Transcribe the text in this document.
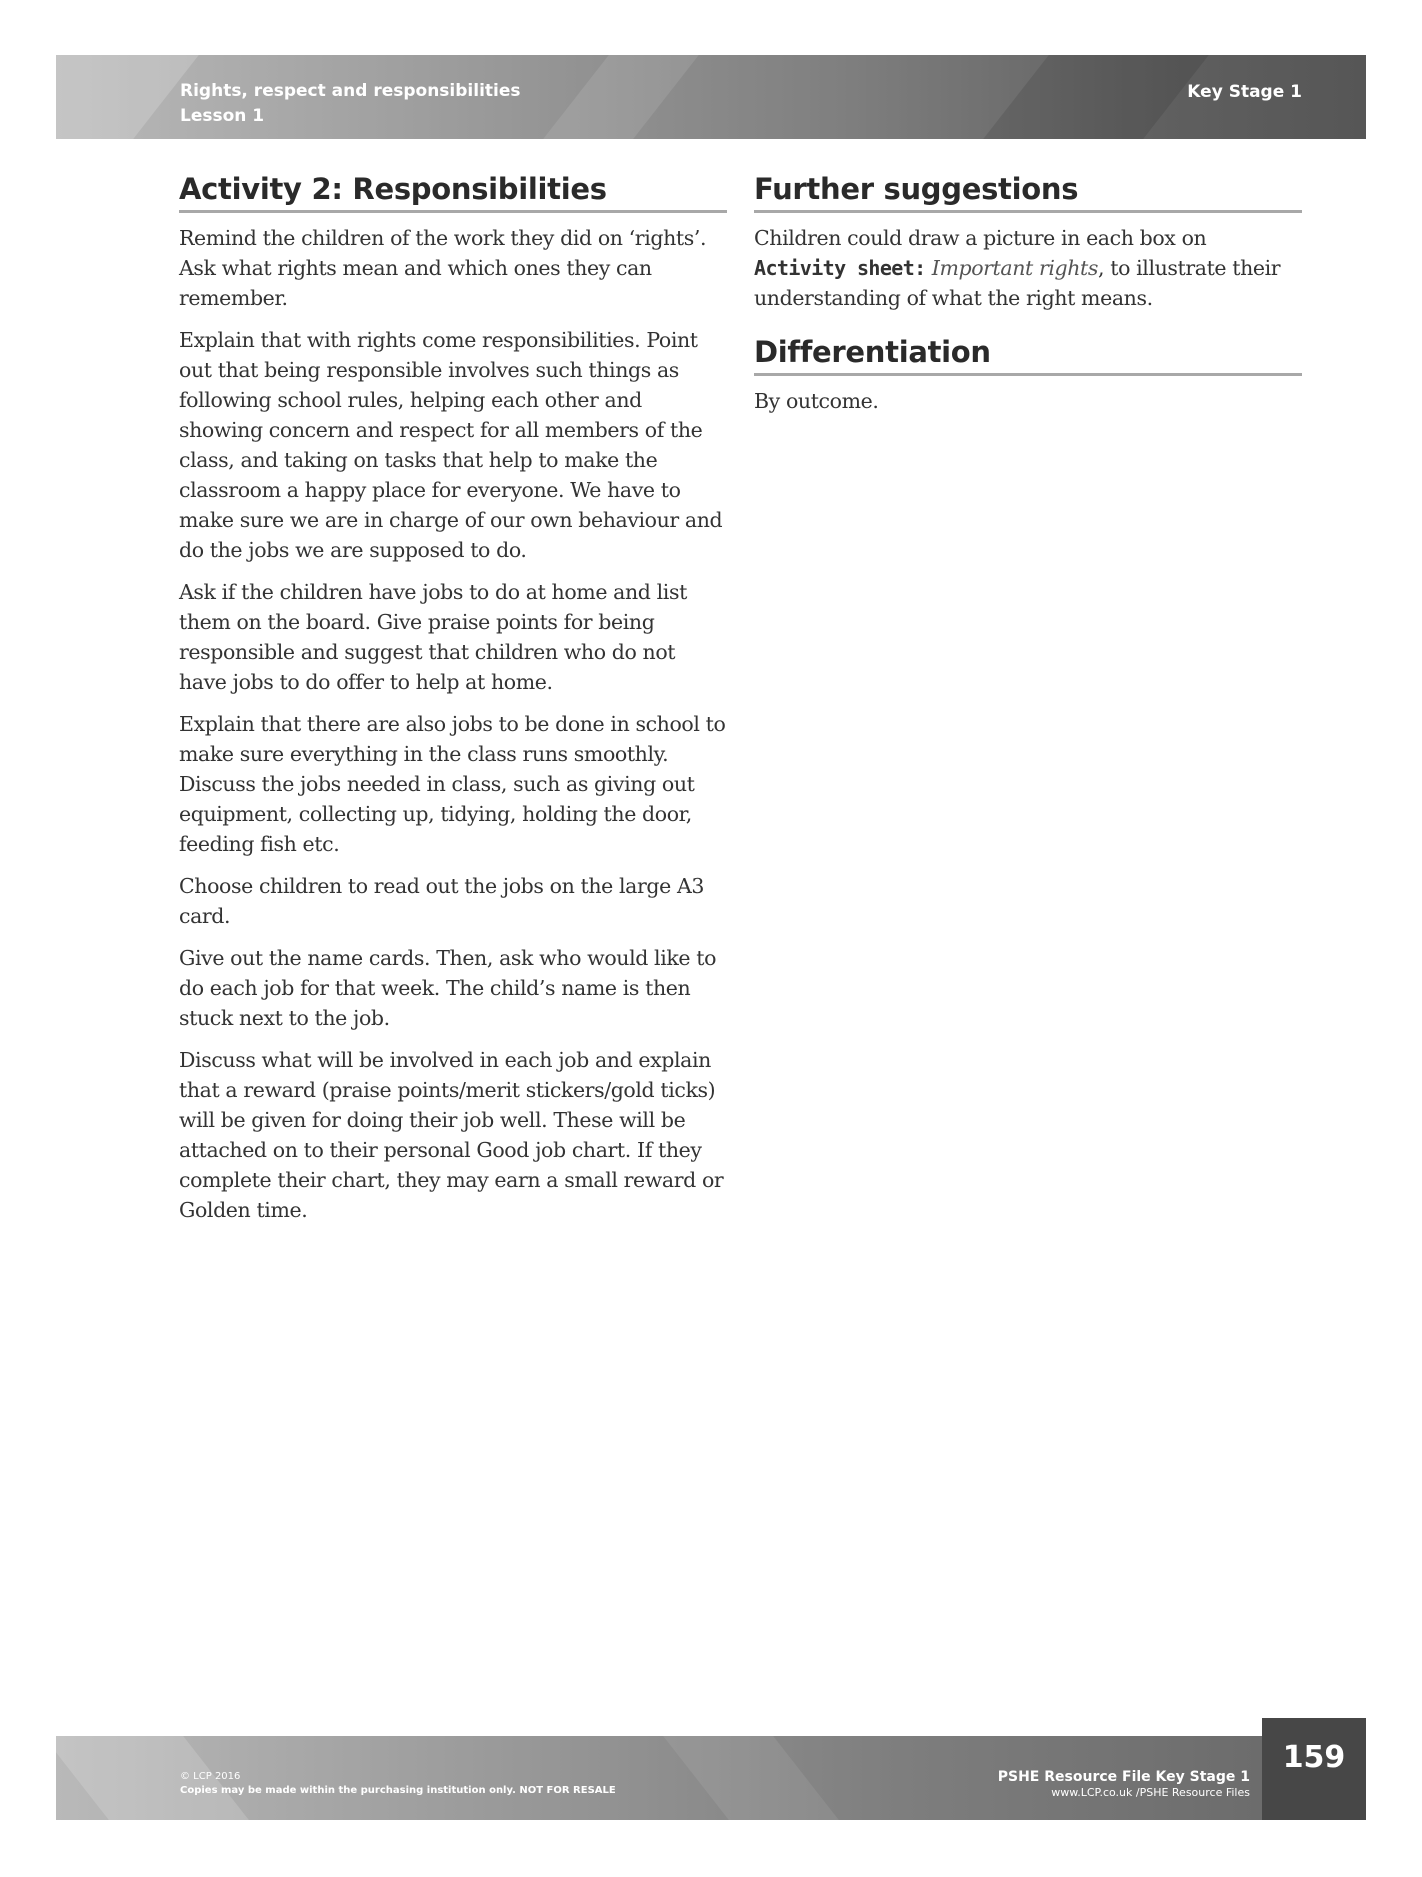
Rights, respect and responsibilities
Lesson 1
Key Stage 1
Activity 2: Responsibilities

Remind the children of the work they did on ‘rights’. Ask what rights mean and which ones they can remember.

Explain that with rights come responsibilities. Point out that being responsible involves such things as following school rules, helping each other and showing concern and respect for all members of the class, and taking on tasks that help to make the classroom a happy place for everyone. We have to make sure we are in charge of our own behaviour and do the jobs we are supposed to do.

Ask if the children have jobs to do at home and list them on the board. Give praise points for being responsible and suggest that children who do not have jobs to do offer to help at home.

Explain that there are also jobs to be done in school to make sure everything in the class runs smoothly. Discuss the jobs needed in class, such as giving out equipment, collecting up, tidying, holding the door, feeding fish etc.

Choose children to read out the jobs on the large A3 card.

Give out the name cards. Then, ask who would like to do each job for that week. The child’s name is then stuck next to the job.

Discuss what will be involved in each job and explain that a reward (praise points/merit stickers/gold ticks) will be given for doing their job well. These will be attached on to their personal Good job chart. If they complete their chart, they may earn a small reward or Golden time.

Further suggestions

Children could draw a picture in each box on Activity sheet: Important rights, to illustrate their understanding of what the right means.

Differentiation

By outcome.

© LCP 2016
Copies may be made within the purchasing institution only. NOT FOR RESALE
PSHE Resource File Key Stage 1
www.LCP.co.uk /PSHE Resource Files
159
